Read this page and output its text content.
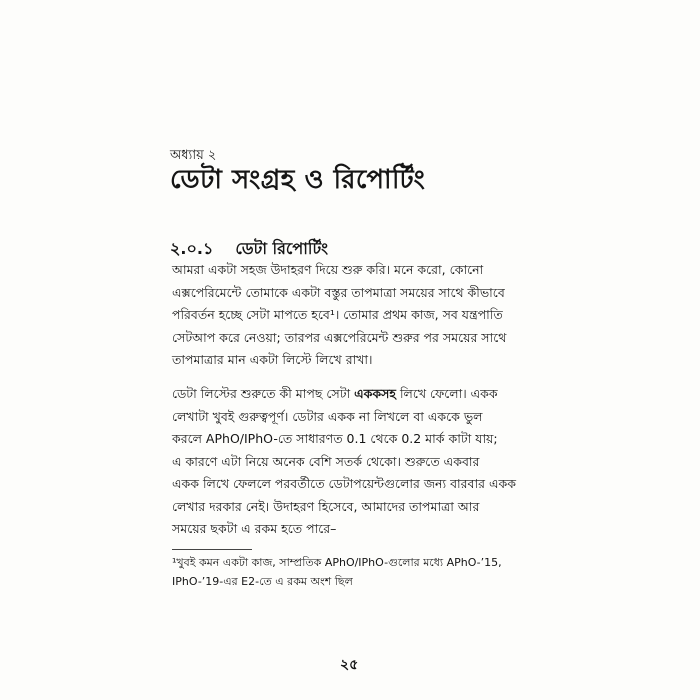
অধ্যায় ২
ডেটা সংগ্রহ ও রিপোর্টিং
২.০.১ ডেটা রিপোর্টিং
আমরা একটা সহজ উদাহরণ দিয়ে শুরু করি। মনে করো, কোনো
এক্সপেরিমেন্টে তোমাকে একটা বস্তুর তাপমাত্রা সময়ের সাথে কীভাবে
পরিবর্তন হচ্ছে সেটা মাপতে হবে¹। তোমার প্রথম কাজ, সব যন্ত্রপাতি
সেটআপ করে নেওয়া; তারপর এক্সপেরিমেন্ট শুরুর পর সময়ের সাথে
তাপমাত্রার মান একটা লিস্টে লিখে রাখা।
ডেটা লিস্টের শুরুতে কী মাপছ সেটা এককসহ লিখে ফেলো। একক
লেখাটা খুবই গুরুত্বপূর্ণ। ডেটার একক না লিখলে বা এককে ভুল
করলে APhO/IPhO-তে সাধারণত 0.1 থেকে 0.2 মার্ক কাটা যায়;
এ কারণে এটা নিয়ে অনেক বেশি সতর্ক থেকো। শুরুতে একবার
একক লিখে ফেললে পরবর্তীতে ডেটাপয়েন্টগুলোর জন্য বারবার একক
লেখার দরকার নেই। উদাহরণ হিসেবে, আমাদের তাপমাত্রা আর
সময়ের ছকটা এ রকম হতে পারে–
¹খুবই কমন একটা কাজ, সাম্প্রতিক APhO/IPhO-গুলোর মধ্যে APhO-’15,
IPhO-’19-এর E2-তে এ রকম অংশ ছিল
২৫
